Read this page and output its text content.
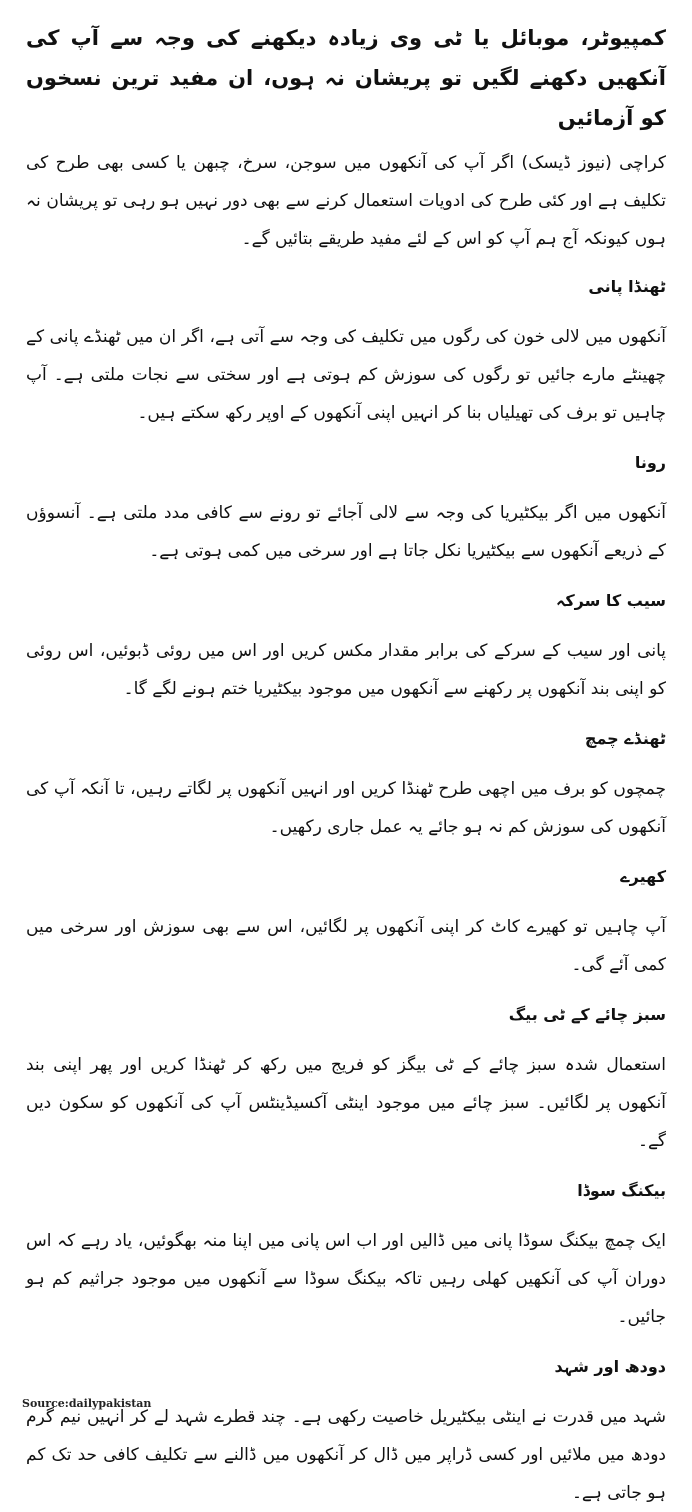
کمپیوٹر، موبائل یا ٹی وی زیادہ دیکھنے کی وجہ سے آپ کی آنکھیں دکھنے لگیں تو پریشان نہ ہوں، ان مفید ترین نسخوں کو آزمائیں

کراچی (نیوز ڈیسک) اگر آپ کی آنکھوں میں سوجن، سرخ، چبھن یا کسی بھی طرح کی تکلیف ہے اور کئی طرح کی ادویات استعمال کرنے سے بھی دور نہیں ہو رہی تو پریشان نہ ہوں کیونکہ آج ہم آپ کو اس کے لئے مفید طریقے بتائیں گے۔

ٹھنڈا پانی

آنکھوں میں لالی خون کی رگوں میں تکلیف کی وجہ سے آتی ہے، اگر ان میں ٹھنڈے پانی کے چھینٹے مارے جائیں تو رگوں کی سوزش کم ہوتی ہے اور سختی سے نجات ملتی ہے۔ آپ چاہیں تو برف کی تھیلیاں بنا کر انہیں اپنی آنکھوں کے اوپر رکھ سکتے ہیں۔

رونا

آنکھوں میں اگر بیکٹیریا کی وجہ سے لالی آجائے تو رونے سے کافی مدد ملتی ہے۔ آنسوؤں کے ذریعے آنکھوں سے بیکٹیریا نکل جاتا ہے اور سرخی میں کمی ہوتی ہے۔

سیب کا سرکہ

پانی اور سیب کے سرکے کی برابر مقدار مکس کریں اور اس میں روئی ڈبوئیں، اس روئی کو اپنی بند آنکھوں پر رکھنے سے آنکھوں میں موجود بیکٹیریا ختم ہونے لگے گا۔

ٹھنڈے چمچ

چمچوں کو برف میں اچھی طرح ٹھنڈا کریں اور انہیں آنکھوں پر لگاتے رہیں، تا آنکہ آپ کی آنکھوں کی سوزش کم نہ ہو جائے یہ عمل جاری رکھیں۔

کھیرے

آپ چاہیں تو کھیرے کاٹ کر اپنی آنکھوں پر لگائیں، اس سے بھی سوزش اور سرخی میں کمی آئے گی۔

سبز چائے کے ٹی بیگ

استعمال شدہ سبز چائے کے ٹی بیگز کو فریج میں رکھ کر ٹھنڈا کریں اور پھر اپنی بند آنکھوں پر لگائیں۔ سبز چائے میں موجود اینٹی آکسیڈینٹس آپ کی آنکھوں کو سکون دیں گے۔

بیکنگ سوڈا

ایک چمچ بیکنگ سوڈا پانی میں ڈالیں اور اب اس پانی میں اپنا منہ بھگوئیں، یاد رہے کہ اس دوران آپ کی آنکھیں کھلی رہیں تاکہ بیکنگ سوڈا سے آنکھوں میں موجود جراثیم کم ہو جائیں۔

دودھ اور شہد

شہد میں قدرت نے اینٹی بیکٹیریل خاصیت رکھی ہے۔ چند قطرے شہد لے کر انہیں نیم گرم دودھ میں ملائیں اور کسی ڈراپر میں ڈال کر آنکھوں میں ڈالنے سے تکلیف کافی حد تک کم ہو جاتی ہے۔

Source:dailypakistan
